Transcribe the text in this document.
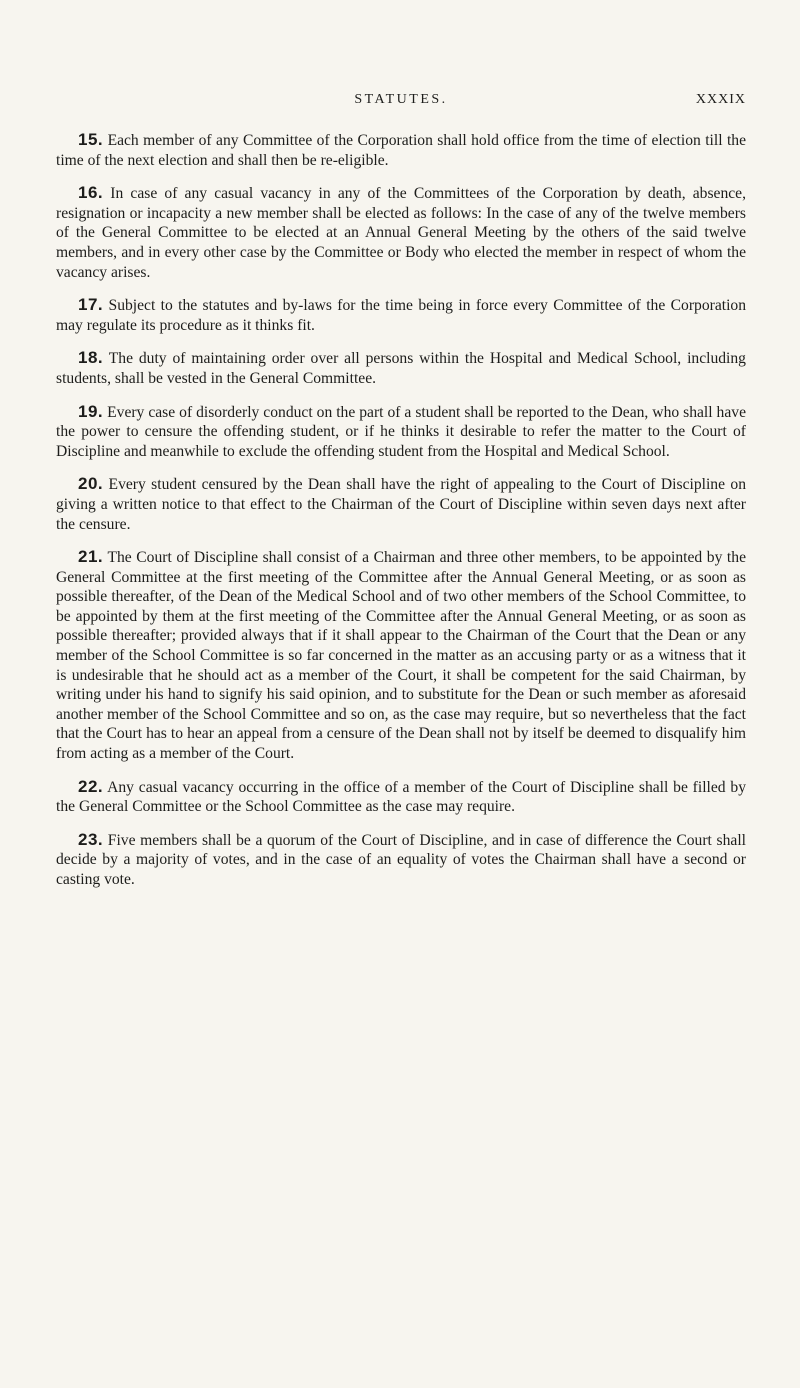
STATUTES.	XXXIX

15. Each member of any Committee of the Corporation shall hold office from the time of election till the time of the next election and shall then be re-eligible.

16. In case of any casual vacancy in any of the Committees of the Corporation by death, absence, resignation or incapacity a new member shall be elected as follows: In the case of any of the twelve members of the General Committee to be elected at an Annual General Meeting by the others of the said twelve members, and in every other case by the Committee or Body who elected the member in respect of whom the vacancy arises.

17. Subject to the statutes and by-laws for the time being in force every Committee of the Corporation may regulate its procedure as it thinks fit.

18. The duty of maintaining order over all persons within the Hospital and Medical School, including students, shall be vested in the General Committee.

19. Every case of disorderly conduct on the part of a student shall be reported to the Dean, who shall have the power to censure the offending student, or if he thinks it desirable to refer the matter to the Court of Discipline and meanwhile to exclude the offending student from the Hospital and Medical School.

20. Every student censured by the Dean shall have the right of appealing to the Court of Discipline on giving a written notice to that effect to the Chairman of the Court of Discipline within seven days next after the censure.

21. The Court of Discipline shall consist of a Chairman and three other members, to be appointed by the General Committee at the first meeting of the Committee after the Annual General Meeting, or as soon as possible thereafter, of the Dean of the Medical School and of two other members of the School Committee, to be appointed by them at the first meeting of the Committee after the Annual General Meeting, or as soon as possible thereafter; provided always that if it shall appear to the Chairman of the Court that the Dean or any member of the School Committee is so far concerned in the matter as an accusing party or as a witness that it is undesirable that he should act as a member of the Court, it shall be competent for the said Chairman, by writing under his hand to signify his said opinion, and to substitute for the Dean or such member as aforesaid another member of the School Committee and so on, as the case may require, but so nevertheless that the fact that the Court has to hear an appeal from a censure of the Dean shall not by itself be deemed to disqualify him from acting as a member of the Court.

22. Any casual vacancy occurring in the office of a member of the Court of Discipline shall be filled by the General Committee or the School Committee as the case may require.

23. Five members shall be a quorum of the Court of Discipline, and in case of difference the Court shall decide by a majority of votes, and in the case of an equality of votes the Chairman shall have a second or casting vote.
